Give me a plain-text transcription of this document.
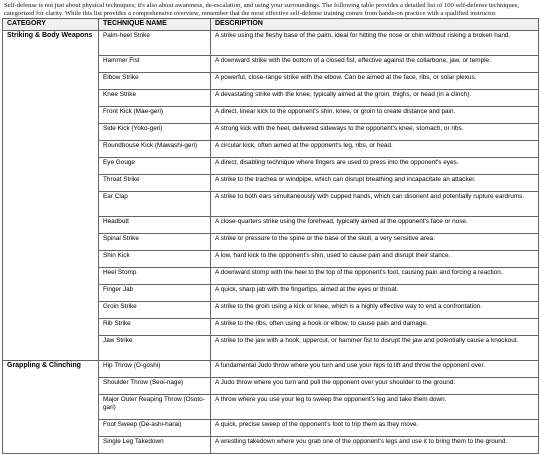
Self-defense is not just about physical techniques; it's also about awareness, de-escalation, and using your surroundings. The following table provides a detailed list of 100 self-defense techniques, categorized for clarity. While this list provides a comprehensive overview, remember that the most effective self-defense training comes from hands-on practice with a qualified instructor.

CATEGORY	TECHNIQUE NAME	DESCRIPTION
Striking & Body Weapons	Palm-heel Strike	A strike using the fleshy base of the palm, ideal for hitting the nose or chin without risking a broken hand.
	Hammer Fist	A downward strike with the bottom of a closed fist, effective against the collarbone, jaw, or temple.
	Elbow Strike	A powerful, close-range strike with the elbow. Can be aimed at the face, ribs, or solar plexus.
	Knee Strike	A devastating strike with the knee, typically aimed at the groin, thighs, or head (in a clinch).
	Front Kick (Mae-geri)	A direct, linear kick to the opponent's shin, knee, or groin to create distance and pain.
	Side Kick (Yoko-geri)	A strong kick with the heel, delivered sideways to the opponent's knee, stomach, or ribs.
	Roundhouse Kick (Mawashi-geri)	A circular kick, often aimed at the opponent's leg, ribs, or head.
	Eye Gouge	A direct, disabling technique where fingers are used to press into the opponent's eyes.
	Throat Strike	A strike to the trachea or windpipe, which can disrupt breathing and incapacitate an attacker.
	Ear Clap	A strike to both ears simultaneously with cupped hands, which can disorient and potentially rupture eardrums.
	Headbutt	A close-quarters strike using the forehead, typically aimed at the opponent's face or nose.
	Spinal Strike	A strike or pressure to the spine or the base of the skull, a very sensitive area.
	Shin Kick	A low, hard kick to the opponent's shin, used to cause pain and disrupt their stance.
	Heel Stomp	A downward stomp with the heel to the top of the opponent's foot, causing pain and forcing a reaction.
	Finger Jab	A quick, sharp jab with the fingertips, aimed at the eyes or throat.
	Groin Strike	A strike to the groin using a kick or knee, which is a highly effective way to end a confrontation.
	Rib Strike	A strike to the ribs, often using a hook or elbow, to cause pain and damage.
	Jaw Strike	A strike to the jaw with a hook, uppercut, or hammer fist to disrupt the jaw and potentially cause a knockout.
Grappling & Clinching	Hip Throw (O-goshi)	A fundamental Judo throw where you turn and use your hips to lift and throw the opponent over.
	Shoulder Throw (Seoi-nage)	A Judo throw where you turn and pull the opponent over your shoulder to the ground.
	Major Outer Reaping Throw (Osoto-gari)	A throw where you use your leg to sweep the opponent's leg and take them down.
	Foot Sweep (De-ashi-harai)	A quick, precise sweep of the opponent's foot to trip them as they move.
	Single Leg Takedown	A wrestling takedown where you grab one of the opponent's legs and use it to bring them to the ground.
